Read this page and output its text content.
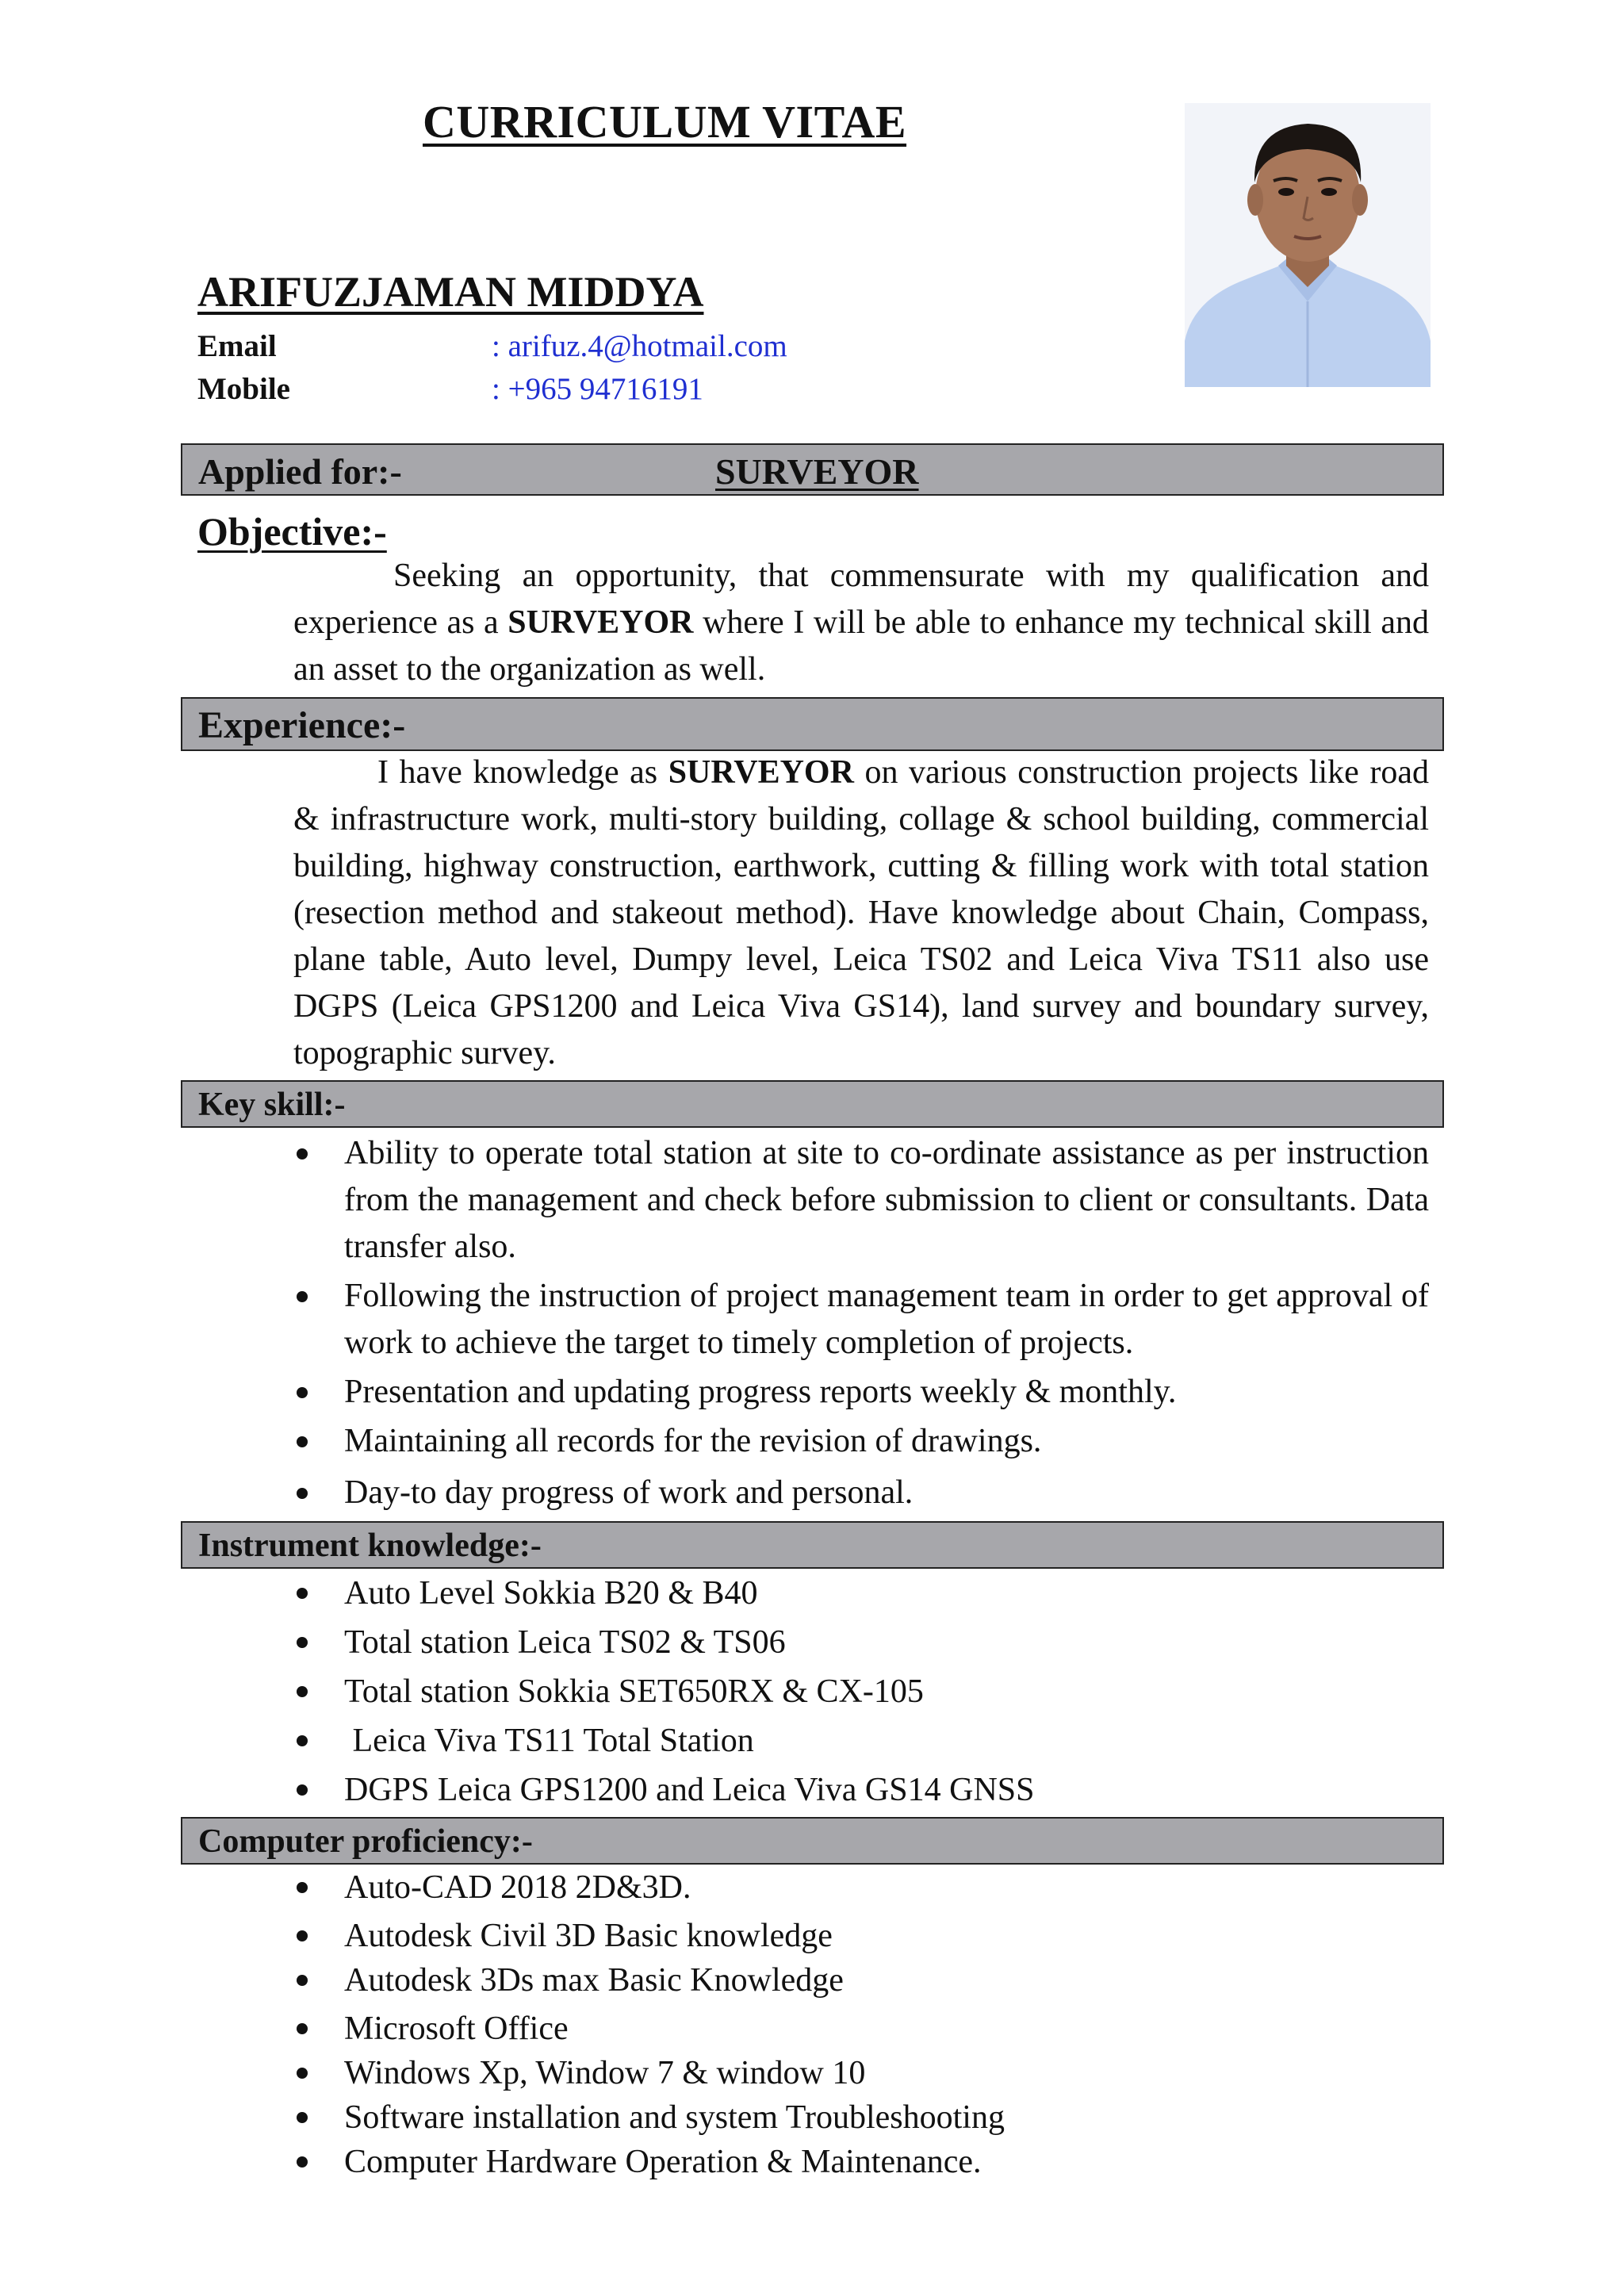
CURRICULUM VITAE
ARIFUZJAMAN MIDDYA
Email	: arifuz.4@hotmail.com
Mobile	: +965 94716191
Applied for:-	SURVEYOR
Objective:-
Seeking an opportunity, that commensurate with my qualification and experience as a SURVEYOR where I will be able to enhance my technical skill and an asset to the organization as well.
Experience:-
I have knowledge as SURVEYOR on various construction projects like road & infrastructure work, multi-story building, collage & school building, commercial building, highway construction, earthwork, cutting & filling work with total station (resection method and stakeout method). Have knowledge about Chain, Compass, plane table, Auto level, Dumpy level, Leica TS02 and Leica Viva TS11 also use DGPS (Leica GPS1200 and Leica Viva GS14), land survey and boundary survey, topographic survey.
Key skill:-
Ability to operate total station at site to co-ordinate assistance as per instruction from the management and check before submission to client or consultants. Data transfer also.
Following the instruction of project management team in order to get approval of work to achieve the target to timely completion of projects.
Presentation and updating progress reports weekly & monthly.
Maintaining all records for the revision of drawings.
Day-to day progress of work and personal.
Instrument knowledge:-
Auto Level Sokkia B20 & B40
Total station Leica TS02 & TS06
Total station Sokkia SET650RX & CX-105
Leica Viva TS11 Total Station
DGPS Leica GPS1200 and Leica Viva GS14 GNSS
Computer proficiency:-
Auto-CAD 2018 2D&3D.
Autodesk Civil 3D Basic knowledge
Autodesk 3Ds max Basic Knowledge
Microsoft Office
Windows Xp, Window 7 & window 10
Software installation and system Troubleshooting
Computer Hardware Operation & Maintenance.
